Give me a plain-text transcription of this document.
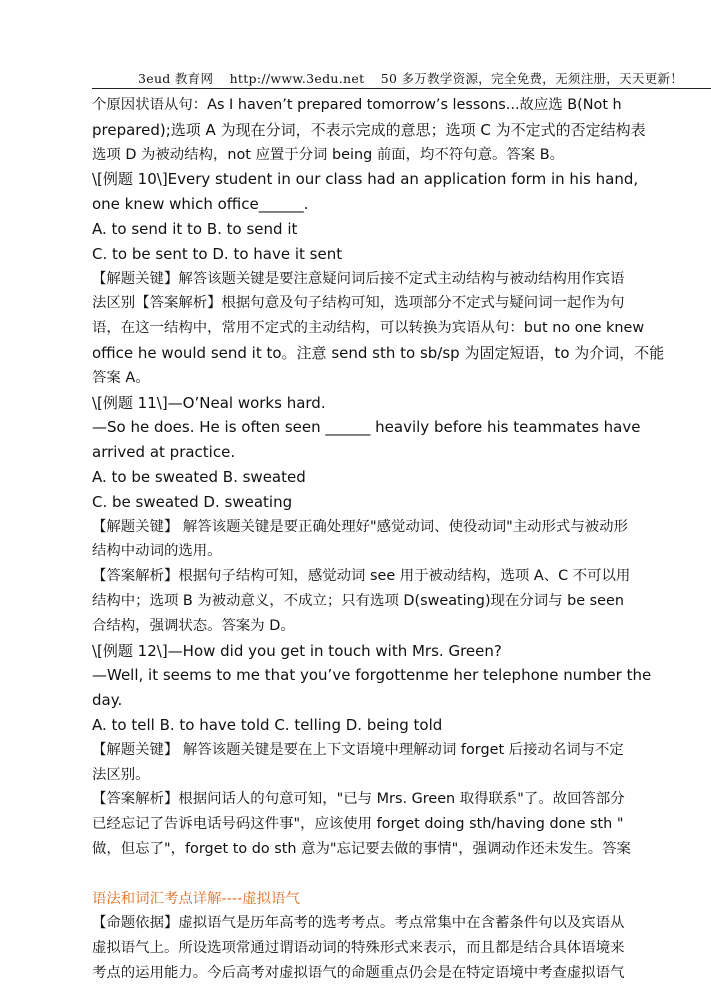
3eud 教育网 http://www.3edu.net 50 多万教学资源，完全免费，无须注册，天天更新！
个原因状语从句：As I haven’t prepared tomorrow’s lessons...故应选 B(Not h
prepared);选项 A 为现在分词，不表示完成的意思；选项 C 为不定式的否定结构表
选项 D 为被动结构，not 应置于分词 being 前面，均不符句意。答案 B。
\[例题 10\]Every student in our class had an application form in his hand,
one knew which office______.
A. to send it to B. to send it
C. to be sent to D. to have it sent
【解题关键】解答该题关键是要注意疑问词后接不定式主动结构与被动结构用作宾语
法区别【答案解析】根据句意及句子结构可知，选项部分不定式与疑问词一起作为句
语，在这一结构中，常用不定式的主动结构，可以转换为宾语从句：but no one knew
office he would send it to。注意 send sth to sb/sp 为固定短语，to 为介词，不能
答案 A。
\[例题 11\]—O’Neal works hard.
—So he does. He is often seen ______ heavily before his teammates have
arrived at practice.
A. to be sweated B. sweated
C. be sweated D. sweating
【解题关键】 解答该题关键是要正确处理好"感觉动词、使役动词"主动形式与被动形
结构中动词的选用。
【答案解析】根据句子结构可知，感觉动词 see 用于被动结构，选项 A、C 不可以用
结构中；选项 B 为被动意义，不成立；只有选项 D(sweating)现在分词与 be seen
合结构，强调状态。答案为 D。
\[例题 12\]—How did you get in touch with Mrs. Green?
—Well, it seems to me that you’ve forgottenme her telephone number the
day.
A. to tell B. to have told C. telling D. being told
【解题关键】 解答该题关键是要在上下文语境中理解动词 forget 后接动名词与不定
法区别。
【答案解析】根据问话人的句意可知，"已与 Mrs. Green 取得联系"了。故回答部分
已经忘记了告诉电话号码这件事"，应该使用 forget doing sth/having done sth "
做，但忘了"，forget to do sth 意为"忘记要去做的事情"，强调动作还未发生。答案
语法和词汇考点详解----虚拟语气
【命题依据】虚拟语气是历年高考的选考考点。考点常集中在含蓄条件句以及宾语从
虚拟语气上。所设选项常通过谓语动词的特殊形式来表示，而且都是结合具体语境来
考点的运用能力。今后高考对虚拟语气的命题重点仍会是在特定语境中考查虚拟语气
